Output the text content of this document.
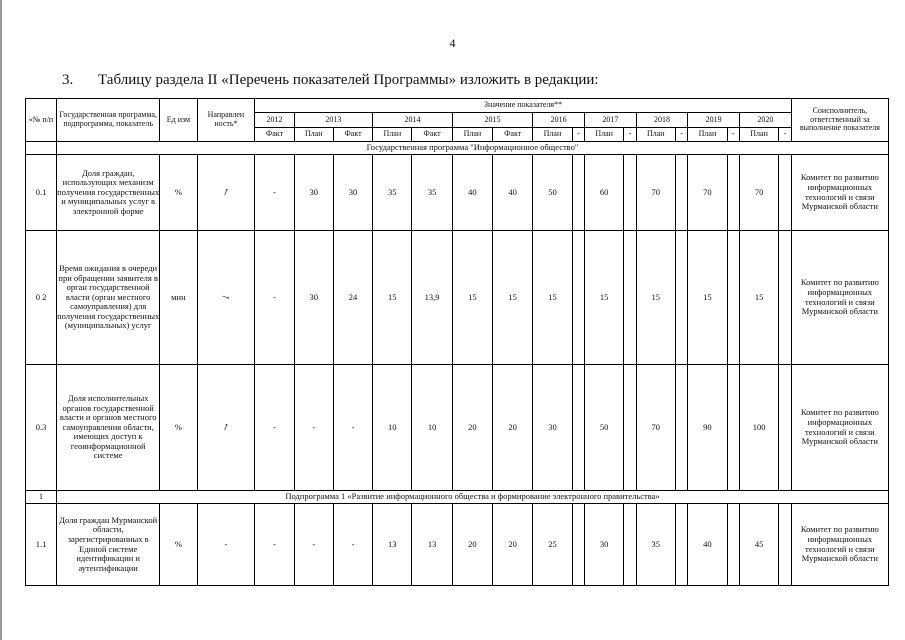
4
3. Таблицу раздела II «Перечень показателей Программы» изложить в редакции:
«№ п/п	Государственная программа, подпрограмма, показатель	Ед изм	Направлен ность*	Значение показателя**																	Соисполнитель, ответственный за выполнение показателя
				2012	2013		2014		2015		2016		2017		2018		2019		2020		
				Факт	План	Факт	План	Факт	План	Факт	План	-	План	-	План	-	План	-	План	-	
	Государственная программа "Информационное общество"																				
0.1	Доля граждан, использующих механизм получения государственных и муниципальных услуг в электронной форме	%	↗	-	30	30	35	35	40	40	50		60		70		70		70		Комитет по развитию информационных технологий и связи Мурманской области
0 2	Время ожидания в очереди при обращении заявителя в орган государственной власти (орган местного самоуправления) для получения государственных (муниципальных) услуг	мин	↘	-	30	24	15	13,9	15	15	15		15		15		15		15		Комитет по развитию информационных технологий и связи Мурманской области
0.3	Доля исполнительных органов государственной власти и органов местного самоуправления области, имеющих доступ к геоинформационной системе	%	↗	-	-	-	10	10	20	20	30		50		70		90		100		Комитет по развитию информационных технологий и связи Мурманской области
1	Подпрограмма 1 «Развитие информационного общества и формирование электронного правительства»																				
1.1	Доля граждан Мурманской области, зарегистрированных в Единой системе идентификации и аутентификации	%	-	-	-	-	13	13	20	20	25		30		35		40		45		Комитет по развитию информационных технологий и связи Мурманской области
